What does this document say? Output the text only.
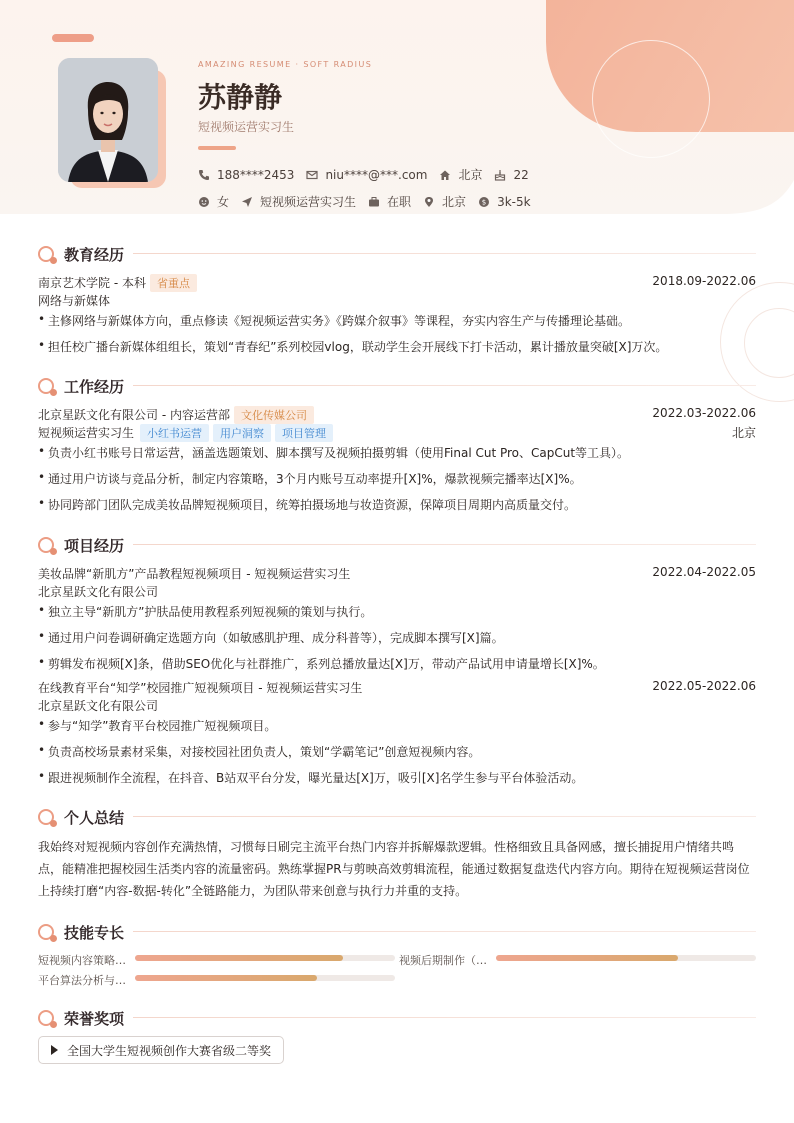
AMAZING RESUME · SOFT RADIUS
苏静静
短视频运营实习生
188****2453	niu****@***.com	北京	22
女	短视频运营实习生	在职	北京 $ 3k-5k
教育经历
南京艺术学院 - 本科 省重点	2018.09-2022.06
网络与新媒体
• 主修网络与新媒体方向，重点修读《短视频运营实务》《跨媒介叙事》等课程，夯实内容生产与传播理论基础。
• 担任校广播台新媒体组组长，策划“青春纪”系列校园vlog，联动学生会开展线下打卡活动，累计播放量突破[X]万次。
工作经历
北京星跃文化有限公司 - 内容运营部 文化传媒公司	2022.03-2022.06
短视频运营实习生 小红书运营 用户洞察 项目管理	北京
• 负责小红书账号日常运营，涵盖选题策划、脚本撰写及视频拍摄剪辑（使用Final Cut Pro、CapCut等工具）。
• 通过用户访谈与竞品分析，制定内容策略，3个月内账号互动率提升[X]%，爆款视频完播率达[X]%。
• 协同跨部门团队完成美妆品牌短视频项目，统筹拍摄场地与妆造资源，保障项目周期内高质量交付。
项目经历
美妆品牌“新肌方”产品教程短视频项目 - 短视频运营实习生	2022.04-2022.05
北京星跃文化有限公司
• 独立主导“新肌方”护肤品使用教程系列短视频的策划与执行。
• 通过用户问卷调研确定选题方向（如敏感肌护理、成分科普等），完成脚本撰写[X]篇。
• 剪辑发布视频[X]条，借助SEO优化与社群推广，系列总播放量达[X]万，带动产品试用申请量增长[X]%。
在线教育平台“知学”校园推广短视频项目 - 短视频运营实习生	2022.05-2022.06
北京星跃文化有限公司
• 参与“知学”教育平台校园推广短视频项目。
• 负责高校场景素材采集，对接校园社团负责人，策划“学霸笔记”创意短视频内容。
• 跟进视频制作全流程，在抖音、B站双平台分发，曝光量达[X]万，吸引[X]名学生参与平台体验活动。
个人总结
我始终对短视频内容创作充满热情，习惯每日刷完主流平台热门内容并拆解爆款逻辑。性格细致且具备网感，擅长捕捉用户情绪共鸣点，能精准把握校园生活类内容的流量密码。熟练掌握PR与剪映高效剪辑流程，能通过数据复盘迭代内容方向。期待在短视频运营岗位上持续打磨“内容-数据-转化”全链路能力，为团队带来创意与执行力并重的支持。
技能专长
短视频内容策略…	视频后期制作（…
平台算法分析与…
荣誉奖项
全国大学生短视频创作大赛省级二等奖
